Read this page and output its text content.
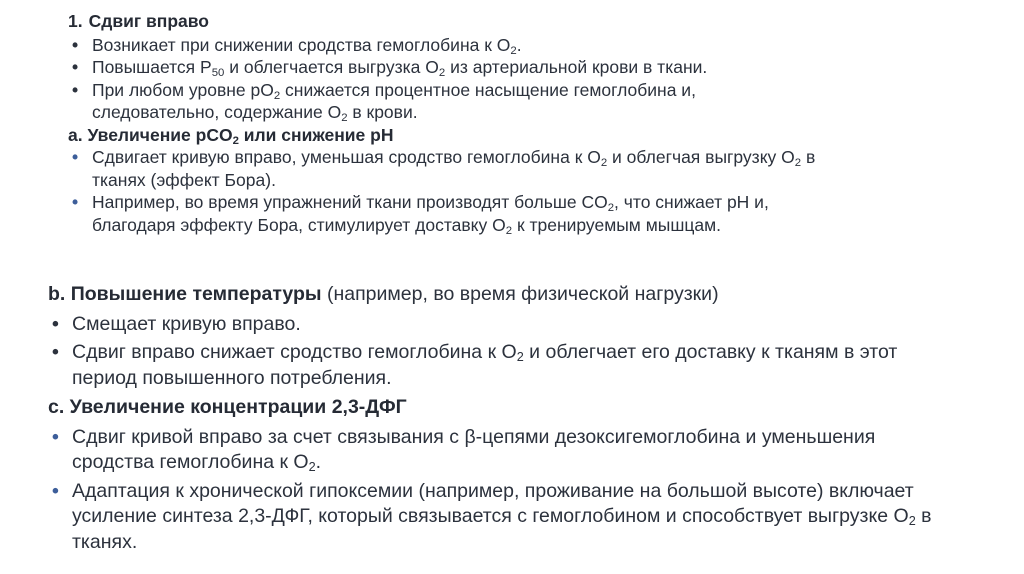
1. Сдвиг вправо
• Возникает при снижении сродства гемоглобина к $O_2$.
• Повышается $P_{50}$ и облегчается выгрузка $O_2$ из артериальной крови в ткани.
• При любом уровне $pO_2$ снижается процентное насыщение гемоглобина и, следовательно, содержание $O_2$ в крови.
a. Увеличение pCO$_2$ или снижение pH
• Сдвигает кривую вправо, уменьшая сродство гемоглобина к $O_2$ и облегчая выгрузку $O_2$ в тканях (эффект Бора).
• Например, во время упражнений ткани производят больше $CO_2$, что снижает pH и, благодаря эффекту Бора, стимулирует доставку $O_2$ к тренируемым мышцам.
b. Повышение температуры (например, во время физической нагрузки)
• Смещает кривую вправо.
• Сдвиг вправо снижает сродство гемоглобина к $O_2$ и облегчает его доставку к тканям в этот период повышенного потребления.
c. Увеличение концентрации 2,3-ДФГ
• Сдвиг кривой вправо за счет связывания с β-цепями дезоксигемоглобина и уменьшения сродства гемоглобина к $O_2$.
• Адаптация к хронической гипоксемии (например, проживание на большой высоте) включает усиление синтеза 2,3-ДФГ, который связывается с гемоглобином и способствует выгрузке $O_2$ в тканях.
